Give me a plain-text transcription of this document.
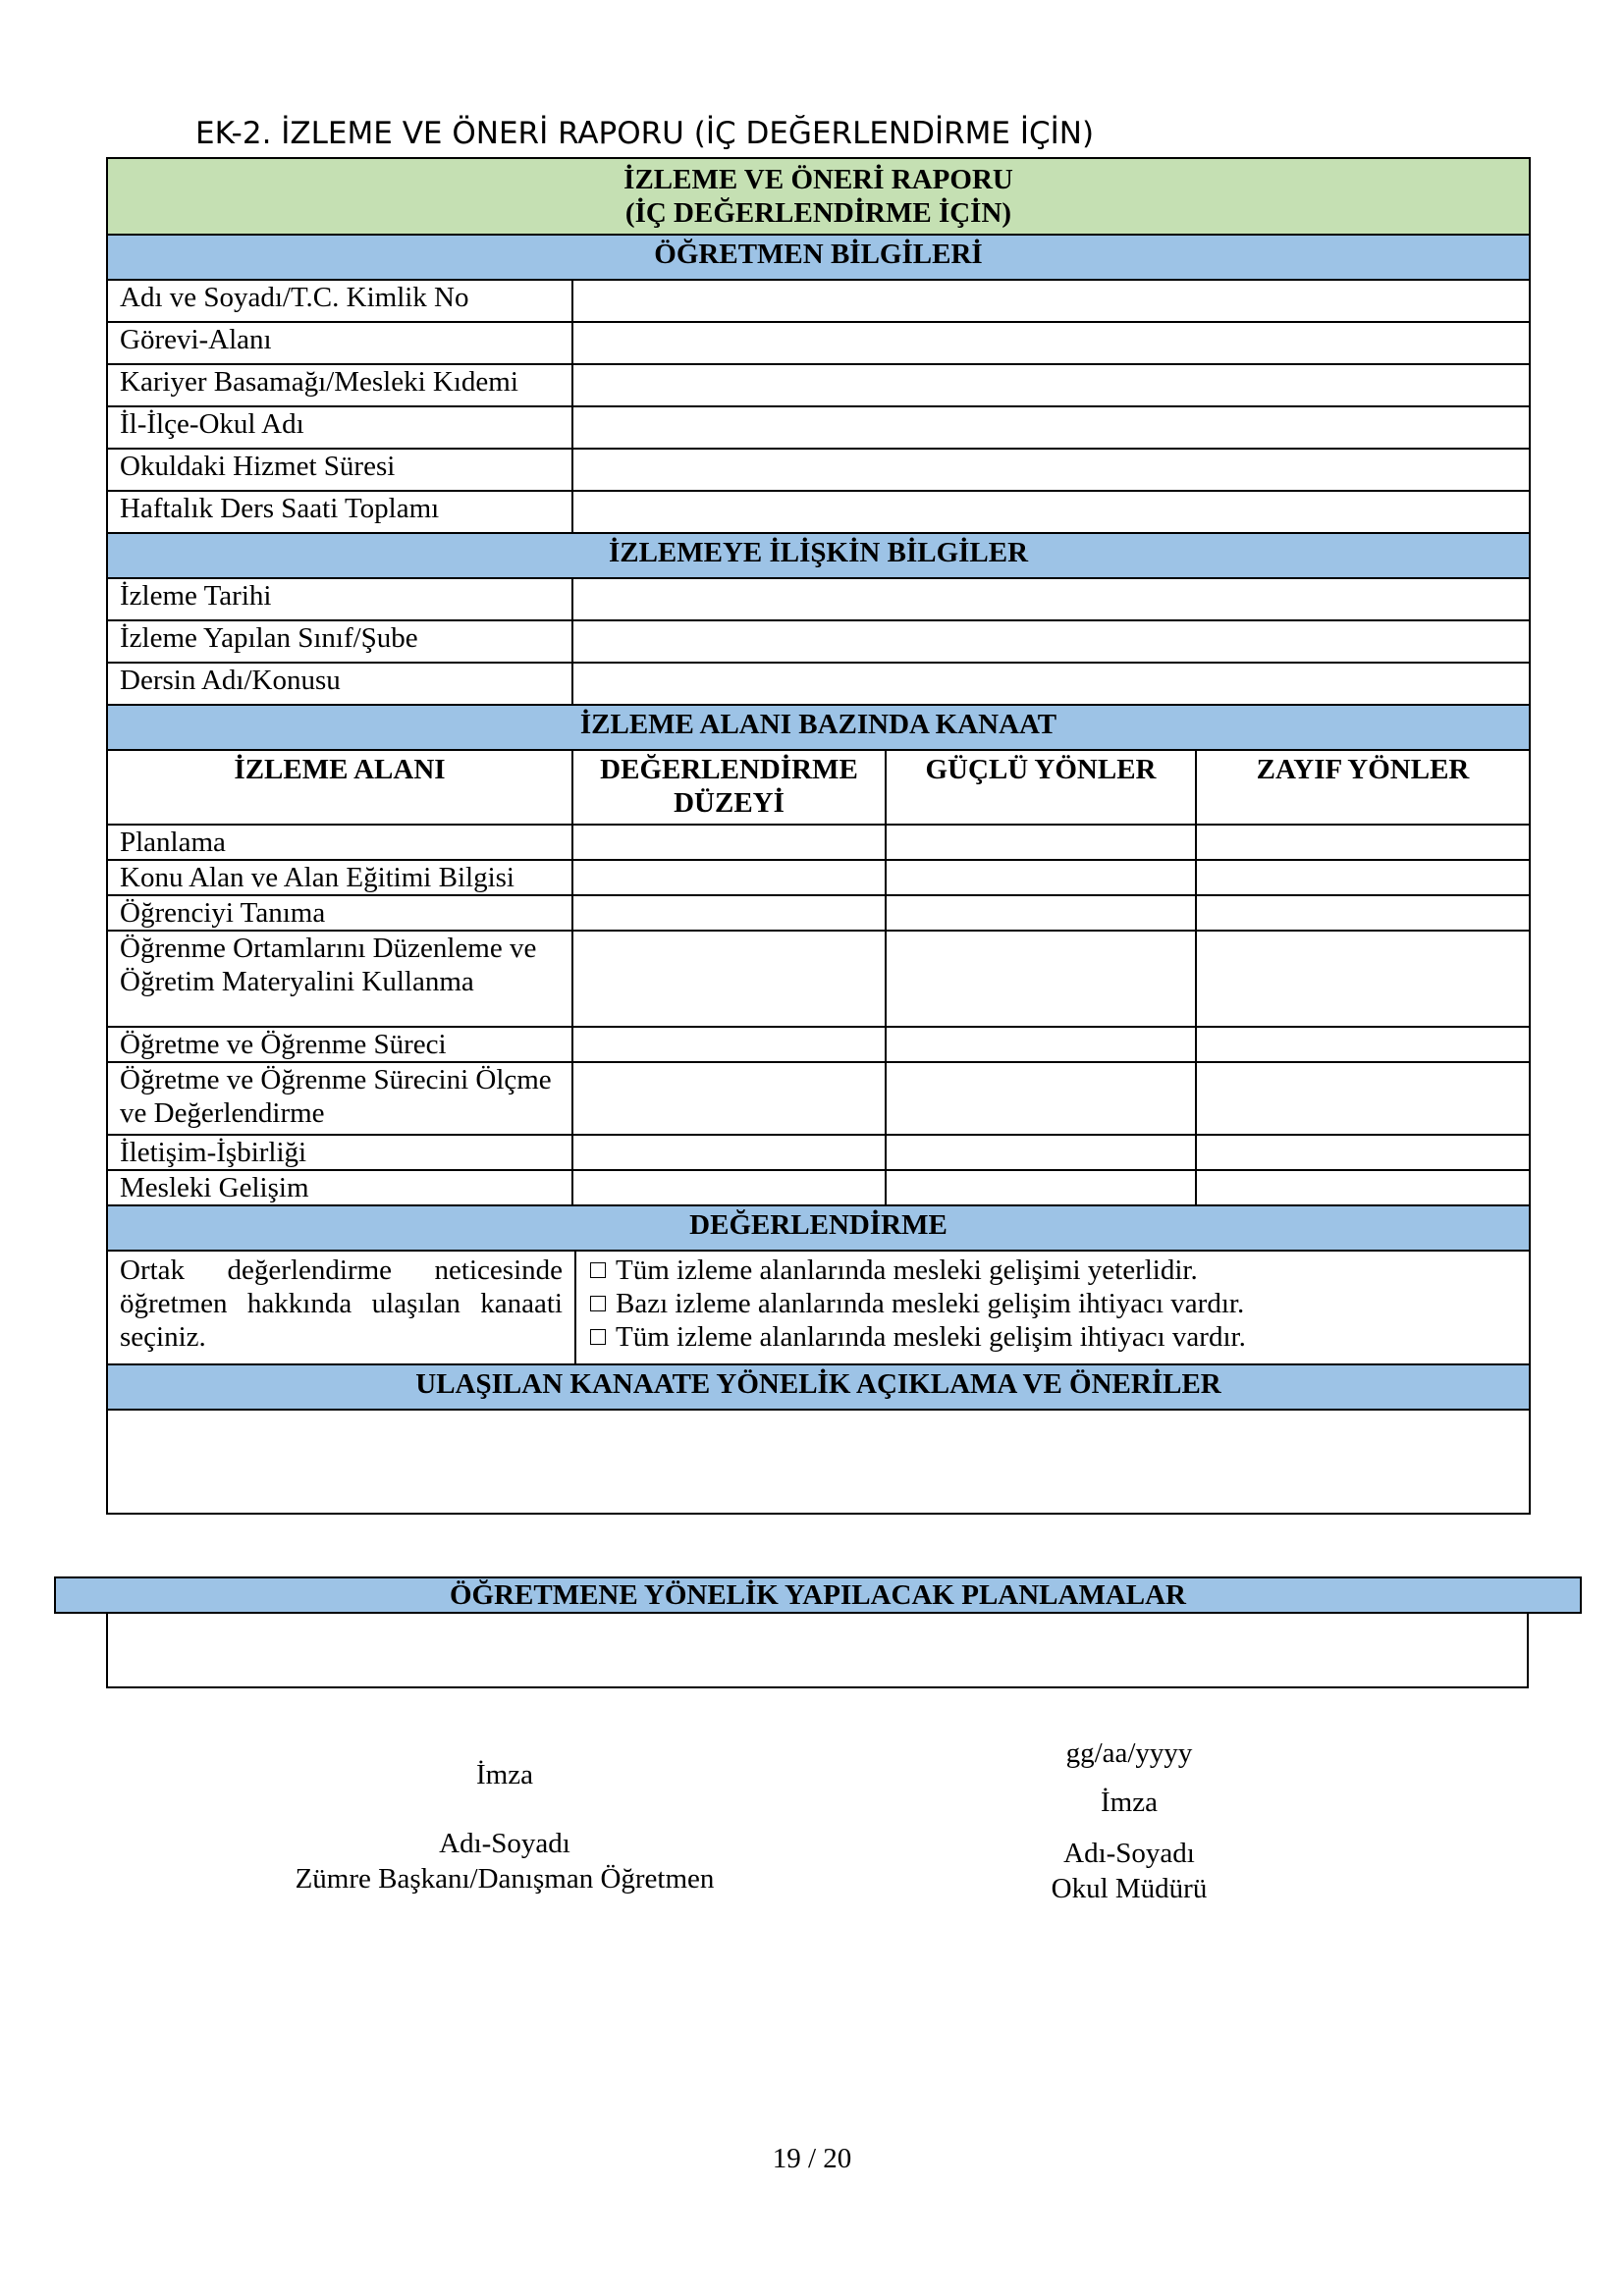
EK-2. İZLEME VE ÖNERİ RAPORU (İÇ DEĞERLENDİRME İÇİN)
İZLEME VE ÖNERİ RAPORU
(İÇ DEĞERLENDİRME İÇİN)				

ÖĞRETMEN BİLGİLERİ				
Adı ve Soyadı/T.C. Kimlik No				
Görevi-Alanı				
Kariyer Basamağı/Mesleki Kıdemi				
İl-İlçe-Okul Adı				
Okuldaki Hizmet Süresi				
Haftalık Ders Saati Toplamı				
İZLEMEYE İLİŞKİN BİLGİLER				
İzleme Tarihi				
İzleme Yapılan Sınıf/Şube				
Dersin Adı/Konusu				
İZLEME ALANI BAZINDA KANAAT				
İZLEME ALANI	DEĞERLENDİRME DÜZEYİ		GÜÇLÜ YÖNLER	ZAYIF YÖNLER
Planlama				
Konu Alan ve Alan Eğitimi Bilgisi				
Öğrenciyi Tanıma				
Öğrenme Ortamlarını Düzenleme ve Öğretim Materyalini Kullanma				
Öğretme ve Öğrenme Süreci				
Öğretme ve Öğrenme Sürecini Ölçme ve Değerlendirme				
İletişim-İşbirliği				
Mesleki Gelişim				
DEĞERLENDİRME				
Ortak değerlendirme neticesinde öğretmen hakkında ulaşılan kanaati seçiniz.		Tüm izleme alanlarında mesleki gelişimi yeterlidir.
Bazı izleme alanlarında mesleki gelişim ihtiyacı vardır.
Tüm izleme alanlarında mesleki gelişim ihtiyacı vardır.		

ULAŞILAN KANAATE YÖNELİK AÇIKLAMA VE ÖNERİLER				

ÖĞRETMENE YÖNELİK YAPILACAK PLANLAMALAR
İmza
Adı-Soyadı
Zümre Başkanı/Danışman Öğretmen
gg/aa/yyyy
İmza
Adı-Soyadı
Okul Müdürü
19 / 20
